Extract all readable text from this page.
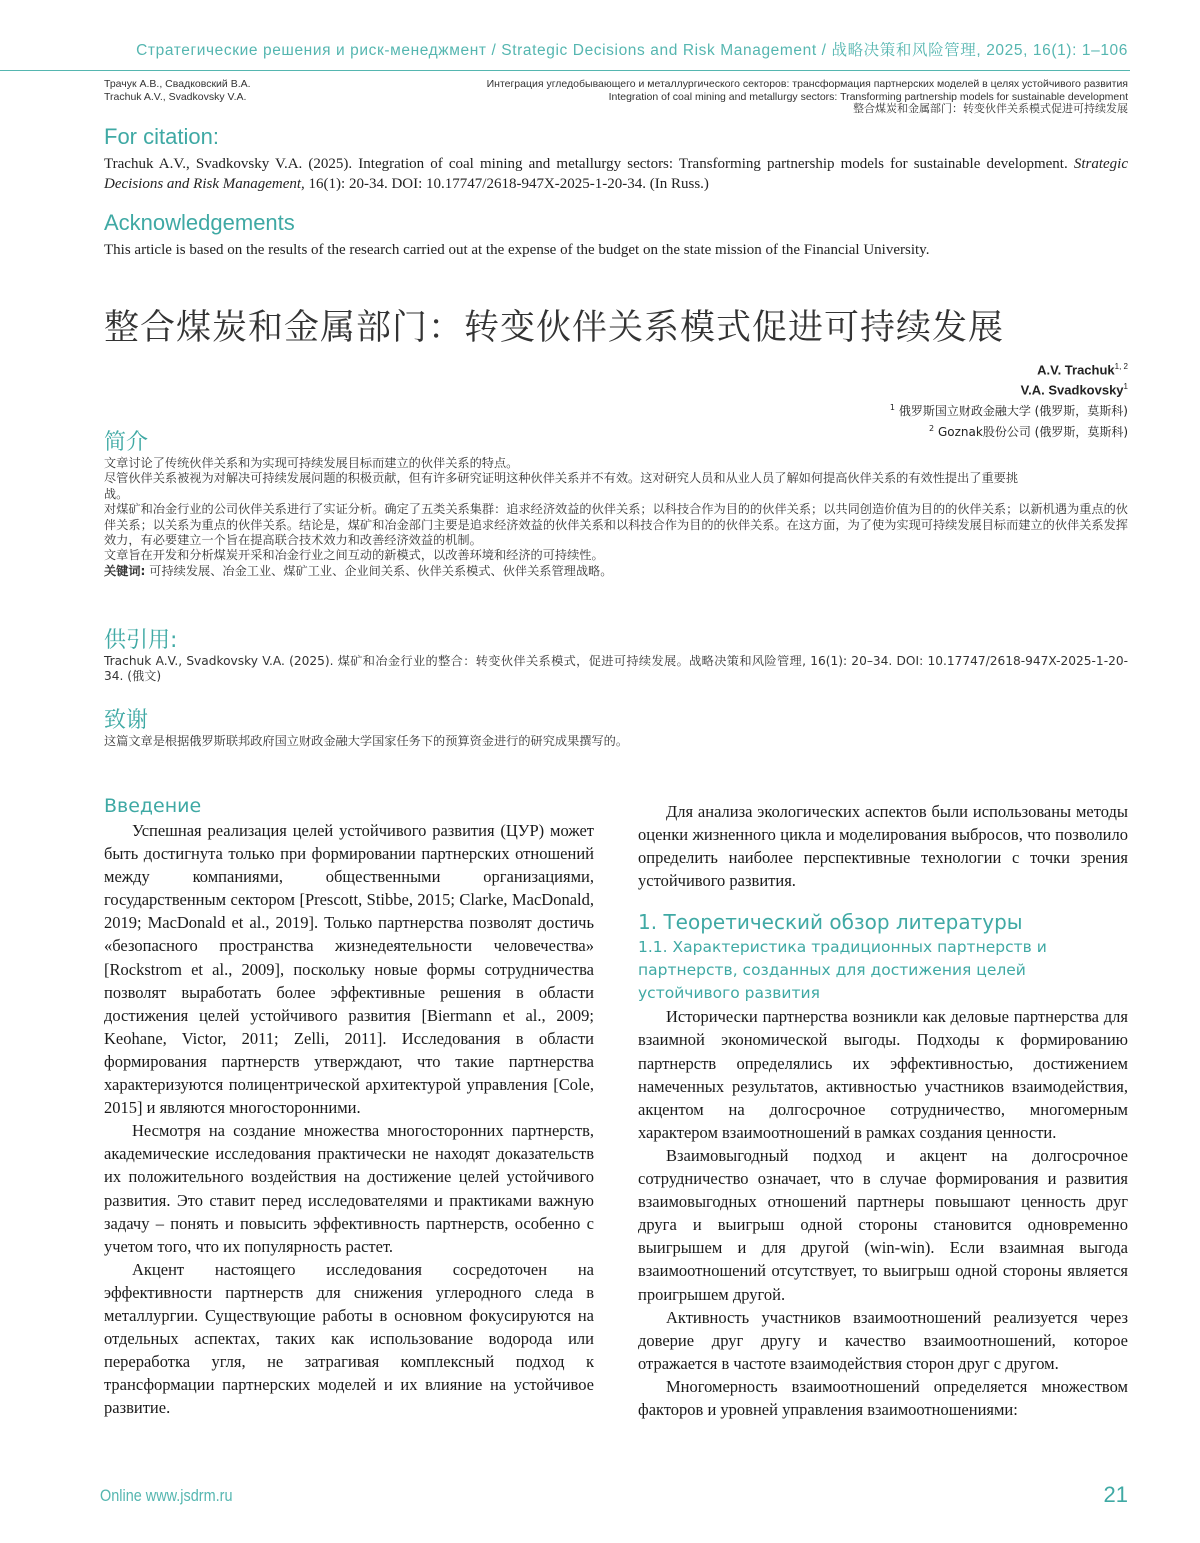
Стратегические решения и риск-менеджмент / Strategic Decisions and Risk Management / 战略决策和风险管理, 2025, 16(1): 1–106
Трачук А.В., Свадковский В.А.
Trachuk A.V., Svadkovsky V.A.
Интеграция угледобывающего и металлургического секторов: трансформация партнерских моделей в целях устойчивого развития
Integration of coal mining and metallurgy sectors: Transforming partnership models for sustainable development
整合煤炭和金属部门：转变伙伴关系模式促进可持续发展
For citation:

Trachuk A.V., Svadkovsky V.A. (2025). Integration of coal mining and metallurgy sectors: Transforming partnership models for sustainable development. Strategic Decisions and Risk Management, 16(1): 20-34. DOI: 10.17747/2618-947X-2025-1-20-34. (In Russ.)

Acknowledgements

This article is based on the results of the research carried out at the expense of the budget on the state mission of the Financial University.

整合煤炭和金属部门：转变伙伴关系模式促进可持续发展
A.V. Trachuk1, 2
V.A. Svadkovsky1
1 俄罗斯国立财政金融大学 (俄罗斯，莫斯科)
2 Goznak股份公司 (俄罗斯，莫斯科)
简介

文章讨论了传统伙伴关系和为实现可持续发展目标而建立的伙伴关系的特点。

尽管伙伴关系被视为对解决可持续发展问题的积极贡献，但有许多研究证明这种伙伴关系并不有效。这对研究人员和从业人员了解如何提高伙伴关系的有效性提出了重要挑

战。

对煤矿和冶金行业的公司伙伴关系进行了实证分析。确定了五类关系集群：追求经济效益的伙伴关系；以科技合作为目的的伙伴关系；以共同创造价值为目的的伙伴关系；以新机遇为重点的伙伴关系；以关系为重点的伙伴关系。结论是，煤矿和冶金部门主要是追求经济效益的伙伴关系和以科技合作为目的的伙伴关系。在这方面，为了使为实现可持续发展目标而建立的伙伴关系发挥效力，有必要建立一个旨在提高联合技术效力和改善经济效益的机制。

文章旨在开发和分析煤炭开采和冶金行业之间互动的新模式，以改善环境和经济的可持续性。

关键词: 可持续发展、冶金工业、煤矿工业、企业间关系、伙伴关系模式、伙伴关系管理战略。

供引用:

Trachuk A.V., Svadkovsky V.A. (2025). 煤矿和冶金行业的整合：转变伙伴关系模式，促进可持续发展。战略决策和风险管理, 16(1): 20–34. DOI: 10.17747/2618-947X-2025-1-20-34. (俄文)

致谢

这篇文章是根据俄罗斯联邦政府国立财政金融大学国家任务下的预算资金进行的研究成果撰写的。

Введение

Успешная реализация целей устойчивого развития (ЦУР) может быть достигнута только при формировании партнерских отношений между компаниями, общественными организациями, государственным сектором [Prescott, Stibbe, 2015; Clarke, MacDonald, 2019; MacDonald et al., 2019]. Только партнерства позволят достичь «безопасного пространства жизнедеятельности человечества» [Rockstrom et al., 2009], поскольку новые формы сотрудничества позволят выработать более эффективные решения в области достижения целей устойчивого развития [Biermann et al., 2009; Keohane, Victor, 2011; Zelli, 2011]. Исследования в области формирования партнерств утверждают, что такие партнерства характеризуются полицентрической архитектурой управления [Cole, 2015] и являются многосторонними.

Несмотря на создание множества многосторонних партнерств, академические исследования практически не находят доказательств их положительного воздействия на достижение целей устойчивого развития. Это ставит перед исследователями и практиками важную задачу – понять и повысить эффективность партнерств, особенно с учетом того, что их популярность растет.

Акцент настоящего исследования сосредоточен на эффективности партнерств для снижения углеродного следа в металлургии. Существующие работы в основном фокусируются на отдельных аспектах, таких как использование водорода или переработка угля, не затрагивая комплексный подход к трансформации партнерских моделей и их влияние на устойчивое развитие.

Для анализа экологических аспектов были использованы методы оценки жизненного цикла и моделирования выбросов, что позволило определить наиболее перспективные технологии с точки зрения устойчивого развития.

1. Теоретический обзор литературы
1.1. Характеристика традиционных партнерств и партнерств, созданных для достижения целей устойчивого развития

Исторически партнерства возникли как деловые партнерства для взаимной экономической выгоды. Подходы к формированию партнерств определялись их эффективностью, достижением намеченных результатов, активностью участников взаимодействия, акцентом на долгосрочное сотрудничество, многомерным характером взаимоотношений в рамках создания ценности.

Взаимовыгодный подход и акцент на долгосрочное сотрудничество означает, что в случае формирования и развития взаимовыгодных отношений партнеры повышают ценность друг друга и выигрыш одной стороны становится одновременно выигрышем и для другой (win-win). Если взаимная выгода взаимоотношений отсутствует, то выигрыш одной стороны является проигрышем другой.

Активность участников взаимоотношений реализуется через доверие друг другу и качество взаимоотношений, которое отражается в частоте взаимодействия сторон друг с другом.

Многомерность взаимоотношений определяется множеством факторов и уровней управления взаимоотношениями:

Online www.jsdrm.ru	21
